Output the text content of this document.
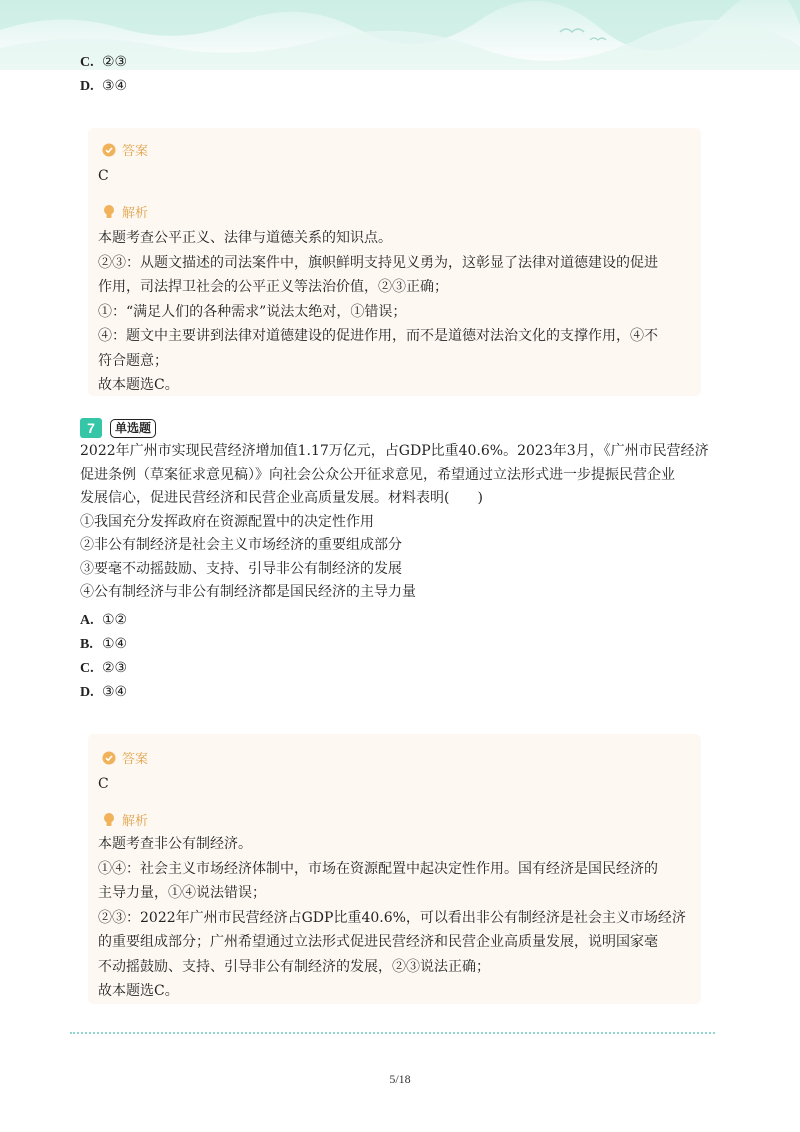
C. ②③
D. ③④
答案
C
解析

本题考查公平正义、法律与道德关系的知识点。

②③：从题文描述的司法案件中，旗帜鲜明支持见义勇为，这彰显了法律对道德建设的促进

作用，司法捍卫社会的公平正义等法治价值，②③正确；

①：“满足人们的各种需求”说法太绝对，①错误；

④：题文中主要讲到法律对道德建设的促进作用，而不是道德对法治文化的支撑作用，④不

符合题意；

故本题选C。

7	单选题

2022年广州市实现民营经济增加值1.17万亿元，占GDP比重40.6%。2023年3月，《广州市民营经济

促进条例（草案征求意见稿）》向社会公众公开征求意见，希望通过立法形式进一步提振民营企业

发展信心，促进民营经济和民营企业高质量发展。材料表明(　　)

①我国充分发挥政府在资源配置中的决定性作用

②非公有制经济是社会主义市场经济的重要组成部分

③要毫不动摇鼓励、支持、引导非公有制经济的发展

④公有制经济与非公有制经济都是国民经济的主导力量

A. ①②
B. ①④
C. ②③
D. ③④
答案
C
解析

本题考查非公有制经济。

①④：社会主义市场经济体制中，市场在资源配置中起决定性作用。国有经济是国民经济的

主导力量，①④说法错误；

②③：2022年广州市民营经济占GDP比重40.6%，可以看出非公有制经济是社会主义市场经济

的重要组成部分；广州希望通过立法形式促进民营经济和民营企业高质量发展，说明国家毫

不动摇鼓励、支持、引导非公有制经济的发展，②③说法正确；

故本题选C。

5/18
